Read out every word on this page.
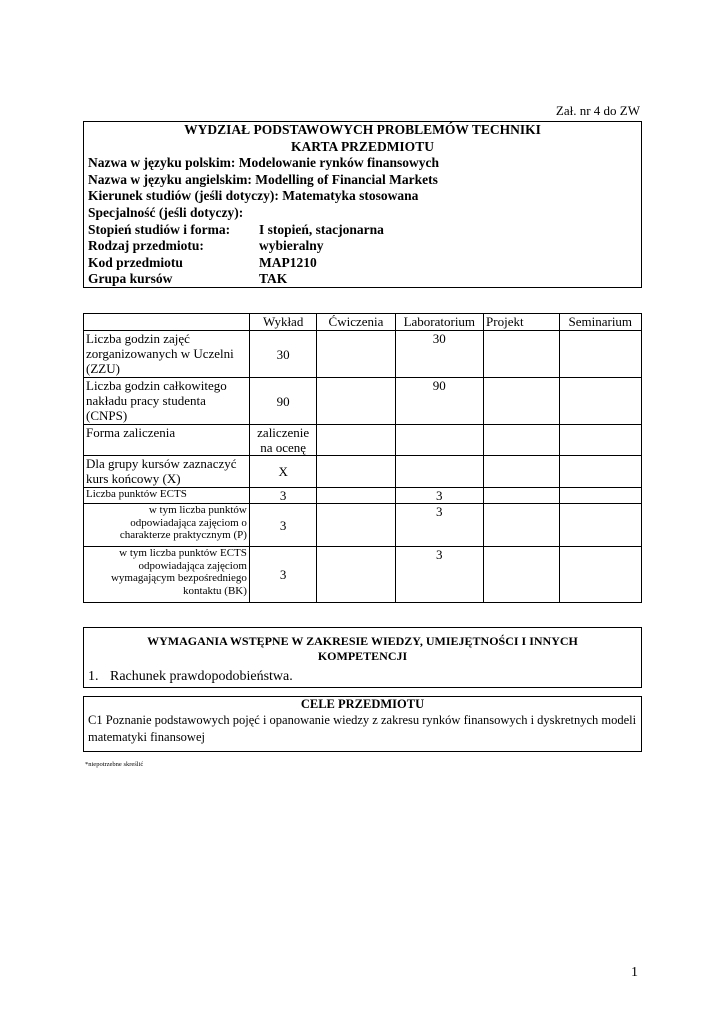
Zał. nr 4 do ZW
WYDZIAŁ PODSTAWOWYCH PROBLEMÓW TECHNIKI
KARTA PRZEDMIOTU
Nazwa w języku polskim: Modelowanie rynków finansowych
Nazwa w języku angielskim: Modelling of Financial Markets
Kierunek studiów (jeśli dotyczy): Matematyka stosowana
Specjalność (jeśli dotyczy):
Stopień studiów i forma: I stopień, stacjonarna
Rodzaj przedmiotu:	wybieralny
Kod przedmiotu	MAP1210
Grupa kursów	TAK
	Wykład	Ćwiczenia	Laboratorium	Projekt	Seminarium
Liczba godzin zajęć zorganizowanych w Uczelni (ZZU)	30		30		
Liczba godzin całkowitego nakładu pracy studenta (CNPS)	90		90		
Forma zaliczenia	zaliczenie na ocenę				
Dla grupy kursów zaznaczyć kurs końcowy (X)	X				
Liczba punktów ECTS	3		3		
w tym liczba punktów odpowiadająca zajęciom o charakterze praktycznym (P)	3		3		
w tym liczba punktów ECTS odpowiadająca zajęciom wymagającym bezpośredniego kontaktu (BK)	3		3		
WYMAGANIA WSTĘPNE W ZAKRESIE WIEDZY, UMIEJĘTNOŚCI I INNYCH KOMPETENCJI
1. Rachunek prawdopodobieństwa.
CELE PRZEDMIOTU
C1 Poznanie podstawowych pojęć i opanowanie wiedzy z zakresu rynków finansowych i dyskretnych modeli matematyki finansowej
*niepotrzebne skreślić
1
